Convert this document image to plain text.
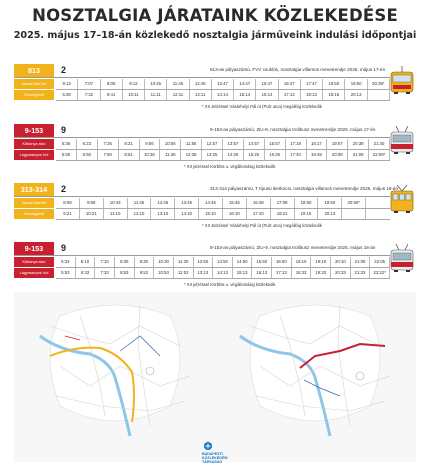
NOSZTALGIA JÁRATAINK KÖZLEKEDÉSE
2025. május 17–18-án közlekedő nosztalgia járműveink indulási időpontjai
813	2	813-as pályaszámú, FVV csuklós, nosztalgia villamos menetrendje 2025. május 17-én
Jászai Mari tér	9:13	7:07	8:08	9:12	10:45	11:45	12:45	13:47	14:47	15:47	16:47	17:47	18:50	19:50	20:35*
Közvágóhíd	6:38	7:32	8:41	10:11	11:11	12:11	13:11	14:14	15:14	16:14	17:14	18:13	19:15	20:13
* XII Jelzéssel Vásárhelyi Pál út (Pulz utca) megállóig közlekedik
9-153	9	9-153-as pályaszámú, ZiU-9, nosztalgia trolibusz menetrendje 2025. május 17-én
Kőbánya alsó	5:36	6:23	7:25	8:21	9:56	10:56	11:56	12:57	13:57	14:57	15:57	17:18	18:17	19:07	20:38	21:40
Lágymányosi híd	5:55	6:50	7:50	8:51	10:36	11:36	12:36	13:25	14:25	15:25	16:25	17:40	18:48	20:08	21:08	22:09*
* XII jelzéssel Körblös u. végállomásig közlekedik
313-314	2	313-314 pályaszámú, T típusú ikerkocsi, nosztalgia villamos menetrendje 2025. május 18-án
Jászai Mari tér	8:59	9:59	10:43	11:45	12:45	13:45	14:45	15:45	16:48	17:08	18:50	19:50	20:50*
Közvágóhíd	9:21	10:21	11:10	12:10	13:10	14:10	15:10	16:10	17:10	18:21	19:15	20:13
* XII Jelzéssel Vásárhelyi Pál út (Pulz utca) megállóig közlekedik
9-153	9	9-153-as pályaszámú, ZiU-9, nosztalgia trolibusz menetrendje 2025. május 18-án
Kőbánya alsó	5:33	6:10	7:10	8:30	9:30	10:30	11:30	12:50	13:50	14:50	15:50	16:50	18:10	19:10	20:10	21:05	22:05
Lágymányosi híd	5:53	6:33	7:33	8:53	9:53	10:53	11:53	13:13	14:13	15:13	16:13	17:13	18:33	19:33	20:33	21:33	22:22*
* XII jelzéssel Körblös u. végállomásig közlekedik
BUDAPESTI
KÖZLEKEDÉSI
TÁRSASÁG
